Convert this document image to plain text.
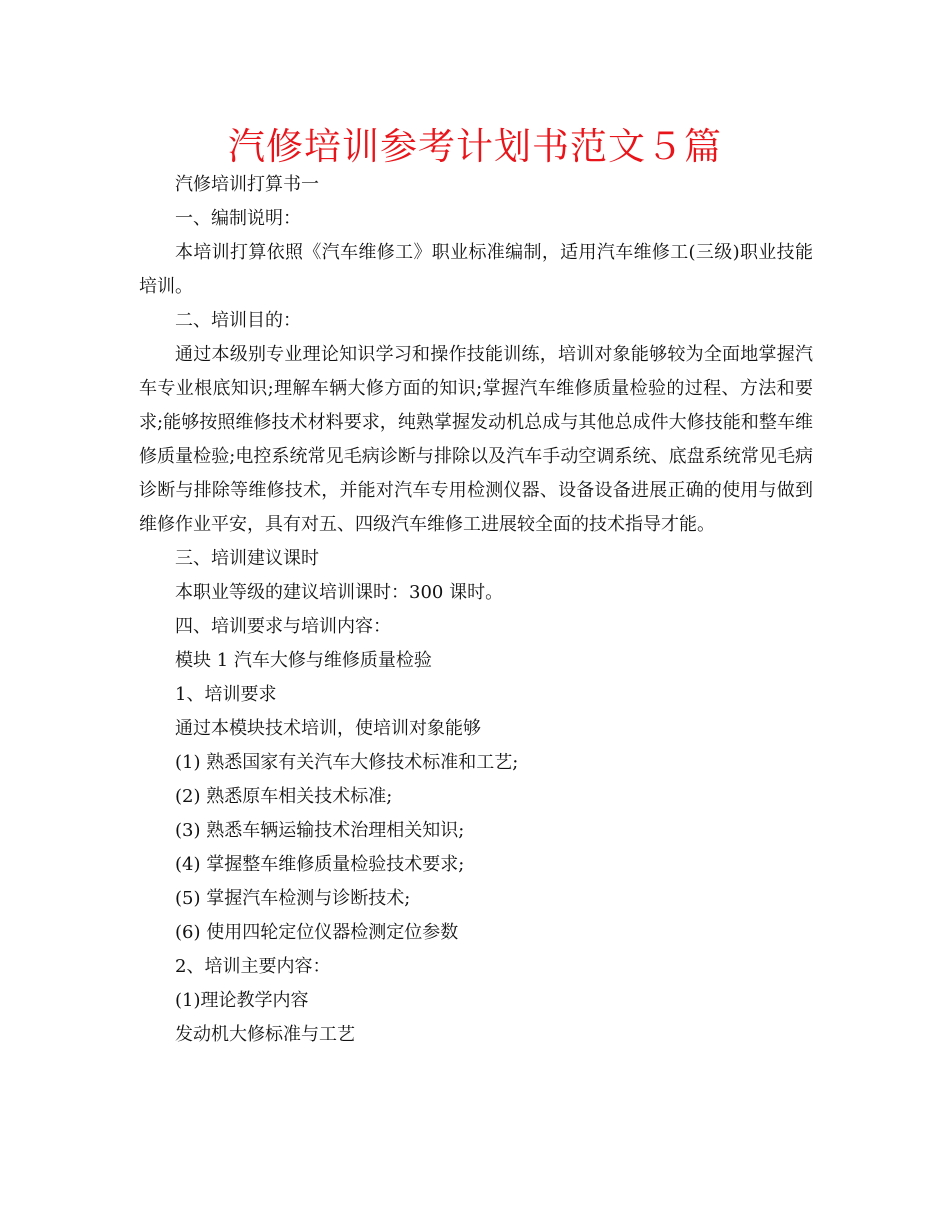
汽修培训参考计划书范文５篇

汽修培训打算书一

一、编制说明：

本培训打算依照《汽车维修工》职业标准编制，适用汽车维修工(三级)职业技能培训。

二、培训目的：

通过本级别专业理论知识学习和操作技能训练，培训对象能够较为全面地掌握汽车专业根底知识;理解车辆大修方面的知识;掌握汽车维修质量检验的过程、方法和要求;能够按照维修技术材料要求，纯熟掌握发动机总成与其他总成件大修技能和整车维修质量检验;电控系统常见毛病诊断与排除以及汽车手动空调系统、底盘系统常见毛病诊断与排除等维修技术，并能对汽车专用检测仪器、设备设备进展正确的使用与做到维修作业平安，具有对五、四级汽车维修工进展较全面的技术指导才能。

三、培训建议课时

本职业等级的建议培训课时：300 课时。

四、培训要求与培训内容：

模块 1 汽车大修与维修质量检验

1、培训要求

通过本模块技术培训，使培训对象能够

(1) 熟悉国家有关汽车大修技术标准和工艺;

(2) 熟悉原车相关技术标准;

(3) 熟悉车辆运输技术治理相关知识;

(4) 掌握整车维修质量检验技术要求;

(5) 掌握汽车检测与诊断技术;

(6) 使用四轮定位仪器检测定位参数

2、培训主要内容：

(1)理论教学内容

发动机大修标准与工艺
